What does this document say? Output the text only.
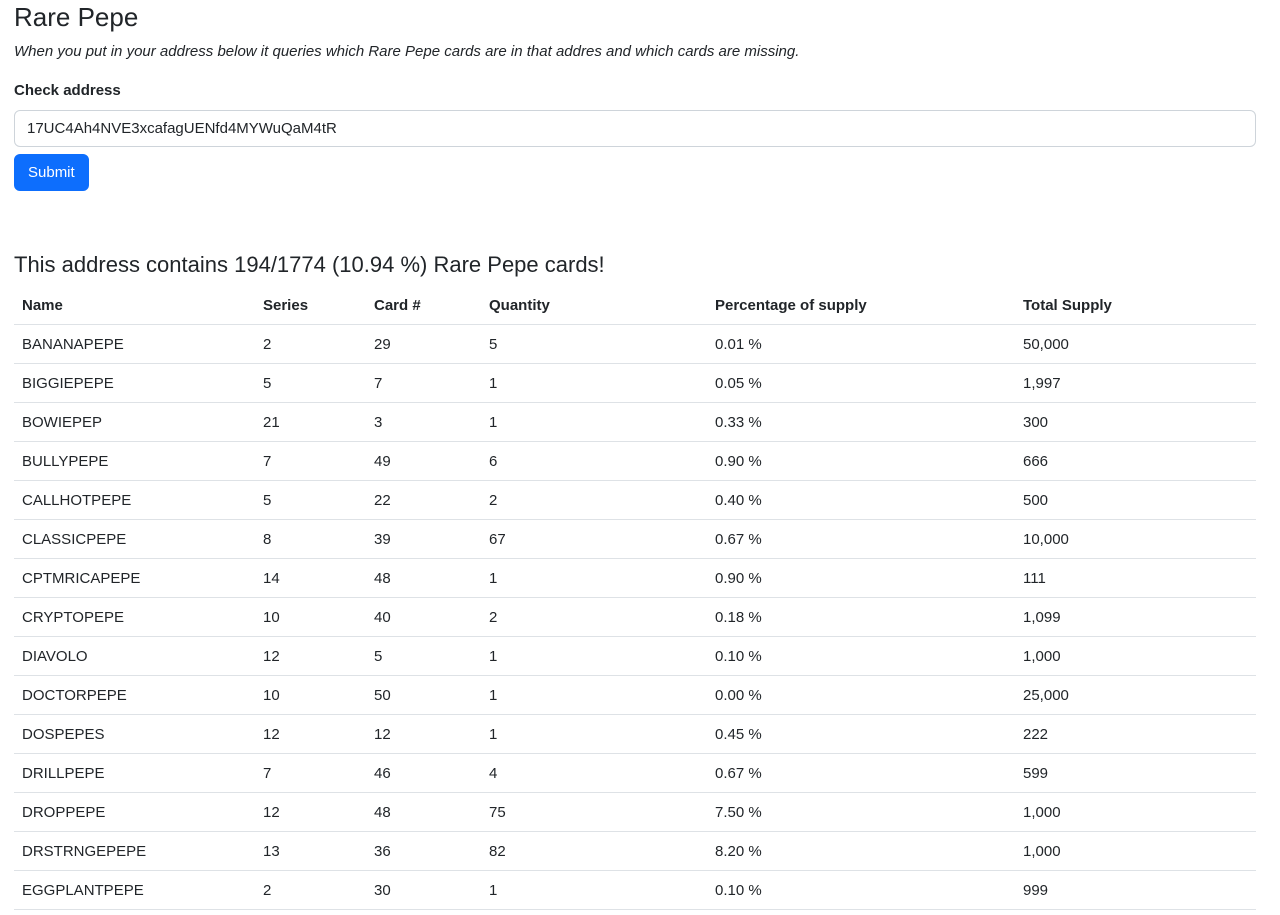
Rare Pepe

When you put in your address below it queries which Rare Pepe cards are in that addres and which cards are missing.

Check address
17UC4Ah4NVE3xcafagUENfd4MYWuQaM4tR Submit
This address contains 194/1774 (10.94 %) Rare Pepe cards!
Name	Series	Card #	Quantity	Percentage of supply	Total Supply
BANANAPEPE	2	29	5	0.01 %	50,000
BIGGIEPEPE	5	7	1	0.05 %	1,997
BOWIEPEP	21	3	1	0.33 %	300
BULLYPEPE	7	49	6	0.90 %	666
CALLHOTPEPE	5	22	2	0.40 %	500
CLASSICPEPE	8	39	67	0.67 %	10,000
CPTMRICAPEPE	14	48	1	0.90 %	111
CRYPTOPEPE	10	40	2	0.18 %	1,099
DIAVOLO	12	5	1	0.10 %	1,000
DOCTORPEPE	10	50	1	0.00 %	25,000
DOSPEPES	12	12	1	0.45 %	222
DRILLPEPE	7	46	4	0.67 %	599
DROPPEPE	12	48	75	7.50 %	1,000
DRSTRNGEPEPE	13	36	82	8.20 %	1,000
EGGPLANTPEPE	2	30	1	0.10 %	999
